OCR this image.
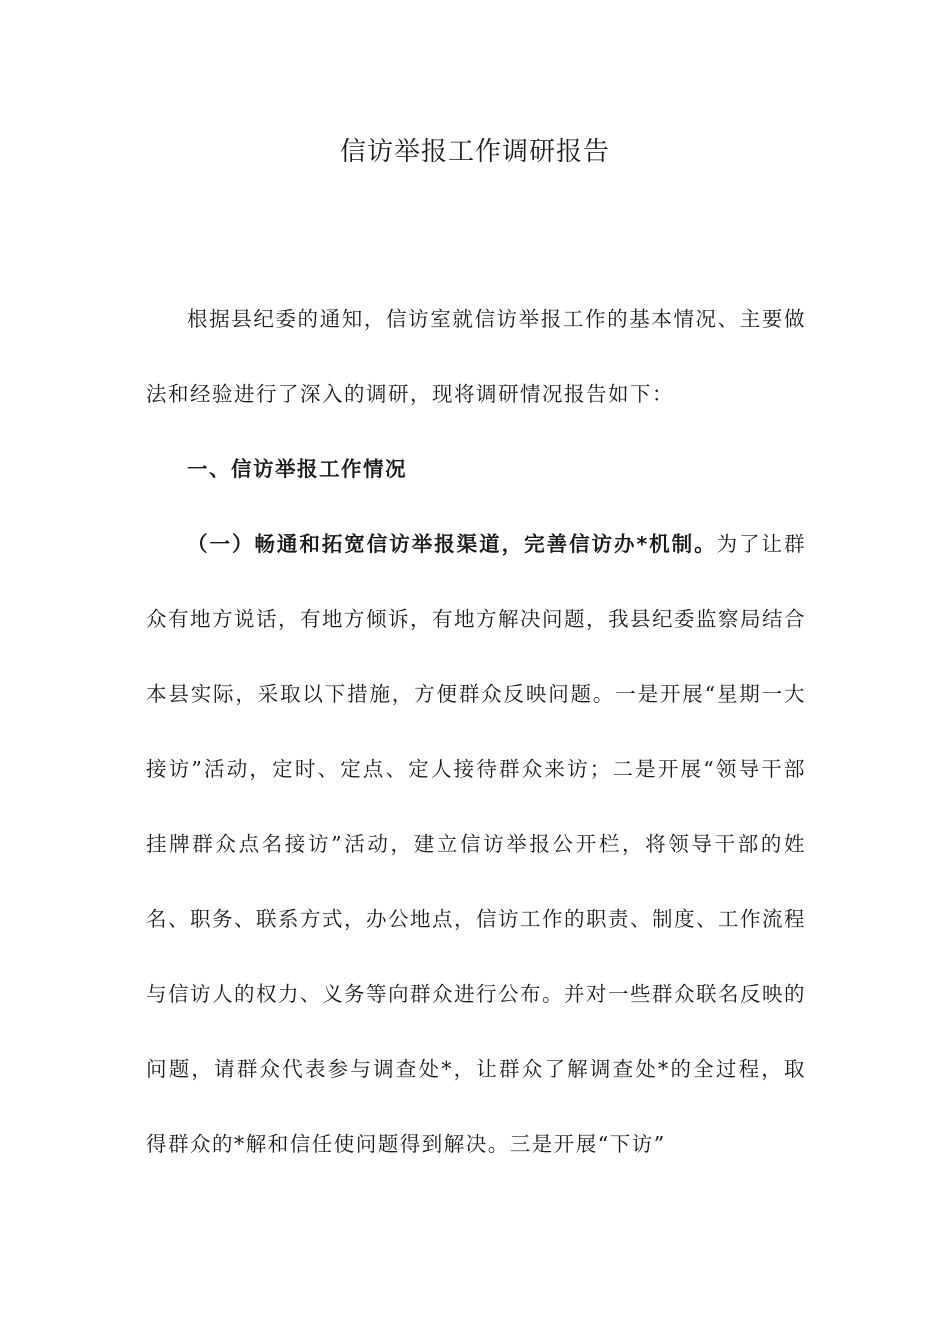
信访举报工作调研报告

根据县纪委的通知，信访室就信访举报工作的基本情况、主要做法和经验进行了深入的调研，现将调研情况报告如下：

一、信访举报工作情况

（一）畅通和拓宽信访举报渠道，完善信访办*机制。为了让群众有地方说话，有地方倾诉，有地方解决问题，我县纪委监察局结合本县实际，采取以下措施，方便群众反映问题。一是开展“星期一大接访”活动，定时、定点、定人接待群众来访；二是开展“领导干部挂牌群众点名接访”活动，建立信访举报公开栏，将领导干部的姓名、职务、联系方式，办公地点，信访工作的职责、制度、工作流程与信访人的权力、义务等向群众进行公布。并对一些群众联名反映的问题，请群众代表参与调查处*，让群众了解调查处*的全过程，取得群众的*解和信任使问题得到解决。三是开展“下访”
